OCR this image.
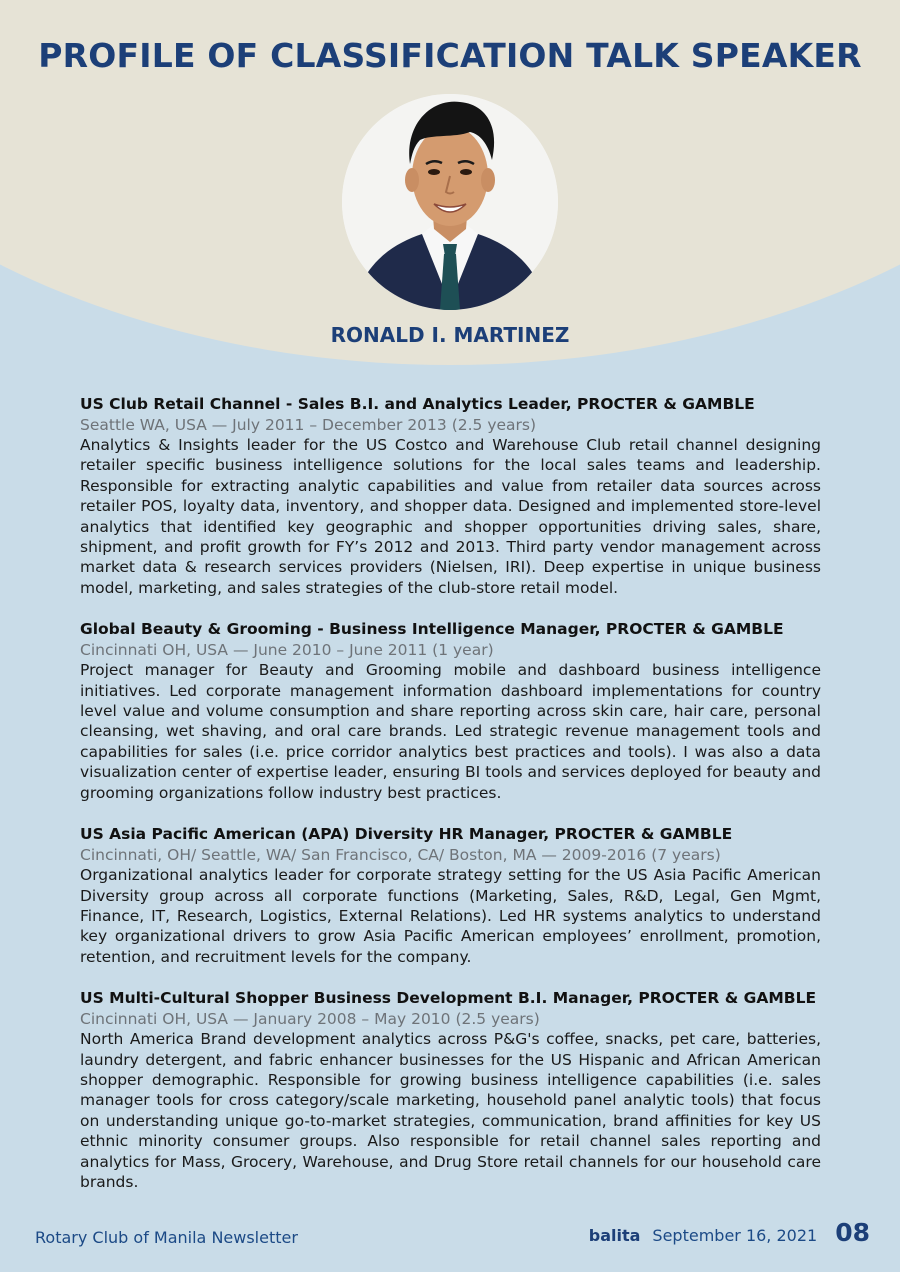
PROFILE OF CLASSIFICATION TALK SPEAKER
RONALD I. MARTINEZ
US Club Retail Channel - Sales B.I. and Analytics Leader, PROCTER & GAMBLE
Seattle WA, USA — July 2011 – December 2013 (2.5 years)

Analytics & Insights leader for the US Costco and Warehouse Club retail channel designing retailer specific business intelligence solutions for the local sales teams and leadership. Responsible for extracting analytic capabilities and value from retailer data sources across retailer POS, loyalty data, inventory, and shopper data. Designed and implemented store-level analytics that identified key geographic and shopper opportunities driving sales, share, shipment, and profit growth for FY’s 2012 and 2013. Third party vendor management across market data & research services providers (Nielsen, IRI). Deep expertise in unique business model, marketing, and sales strategies of the club-store retail model.

Global Beauty & Grooming - Business Intelligence Manager, PROCTER & GAMBLE
Cincinnati OH, USA — June 2010 – June 2011 (1 year)

Project manager for Beauty and Grooming mobile and dashboard business intelligence initiatives. Led corporate management information dashboard implementations for country level value and volume consumption and share reporting across skin care, hair care, personal cleansing, wet shaving, and oral care brands. Led strategic revenue management tools and capabilities for sales (i.e. price corridor analytics best practices and tools). I was also a data visualization center of expertise leader, ensuring BI tools and services deployed for beauty and grooming organizations follow industry best practices.

US Asia Pacific American (APA) Diversity HR Manager, PROCTER & GAMBLE
Cincinnati, OH/ Seattle, WA/ San Francisco, CA/ Boston, MA — 2009-2016 (7 years)

Organizational analytics leader for corporate strategy setting for the US Asia Pacific American Diversity group across all corporate functions (Marketing, Sales, R&D, Legal, Gen Mgmt, Finance, IT, Research, Logistics, External Relations). Led HR systems analytics to understand key organizational drivers to grow Asia Pacific American employees’ enrollment, promotion, retention, and recruitment levels for the company.

US Multi-Cultural Shopper Business Development B.I. Manager, PROCTER & GAMBLE
Cincinnati OH, USA — January 2008 – May 2010 (2.5 years)

North America Brand development analytics across P&G's coffee, snacks, pet care, batteries, laundry detergent, and fabric enhancer businesses for the US Hispanic and African American shopper demographic. Responsible for growing business intelligence capabilities (i.e. sales manager tools for cross category/scale marketing, household panel analytic tools) that focus on understanding unique go-to-market strategies, communication, brand affinities for key US ethnic minority consumer groups. Also responsible for retail channel sales reporting and analytics for Mass, Grocery, Warehouse, and Drug Store retail channels for our household care brands.

Rotary Club of Manila Newsletter	balita September 16, 2021 08
